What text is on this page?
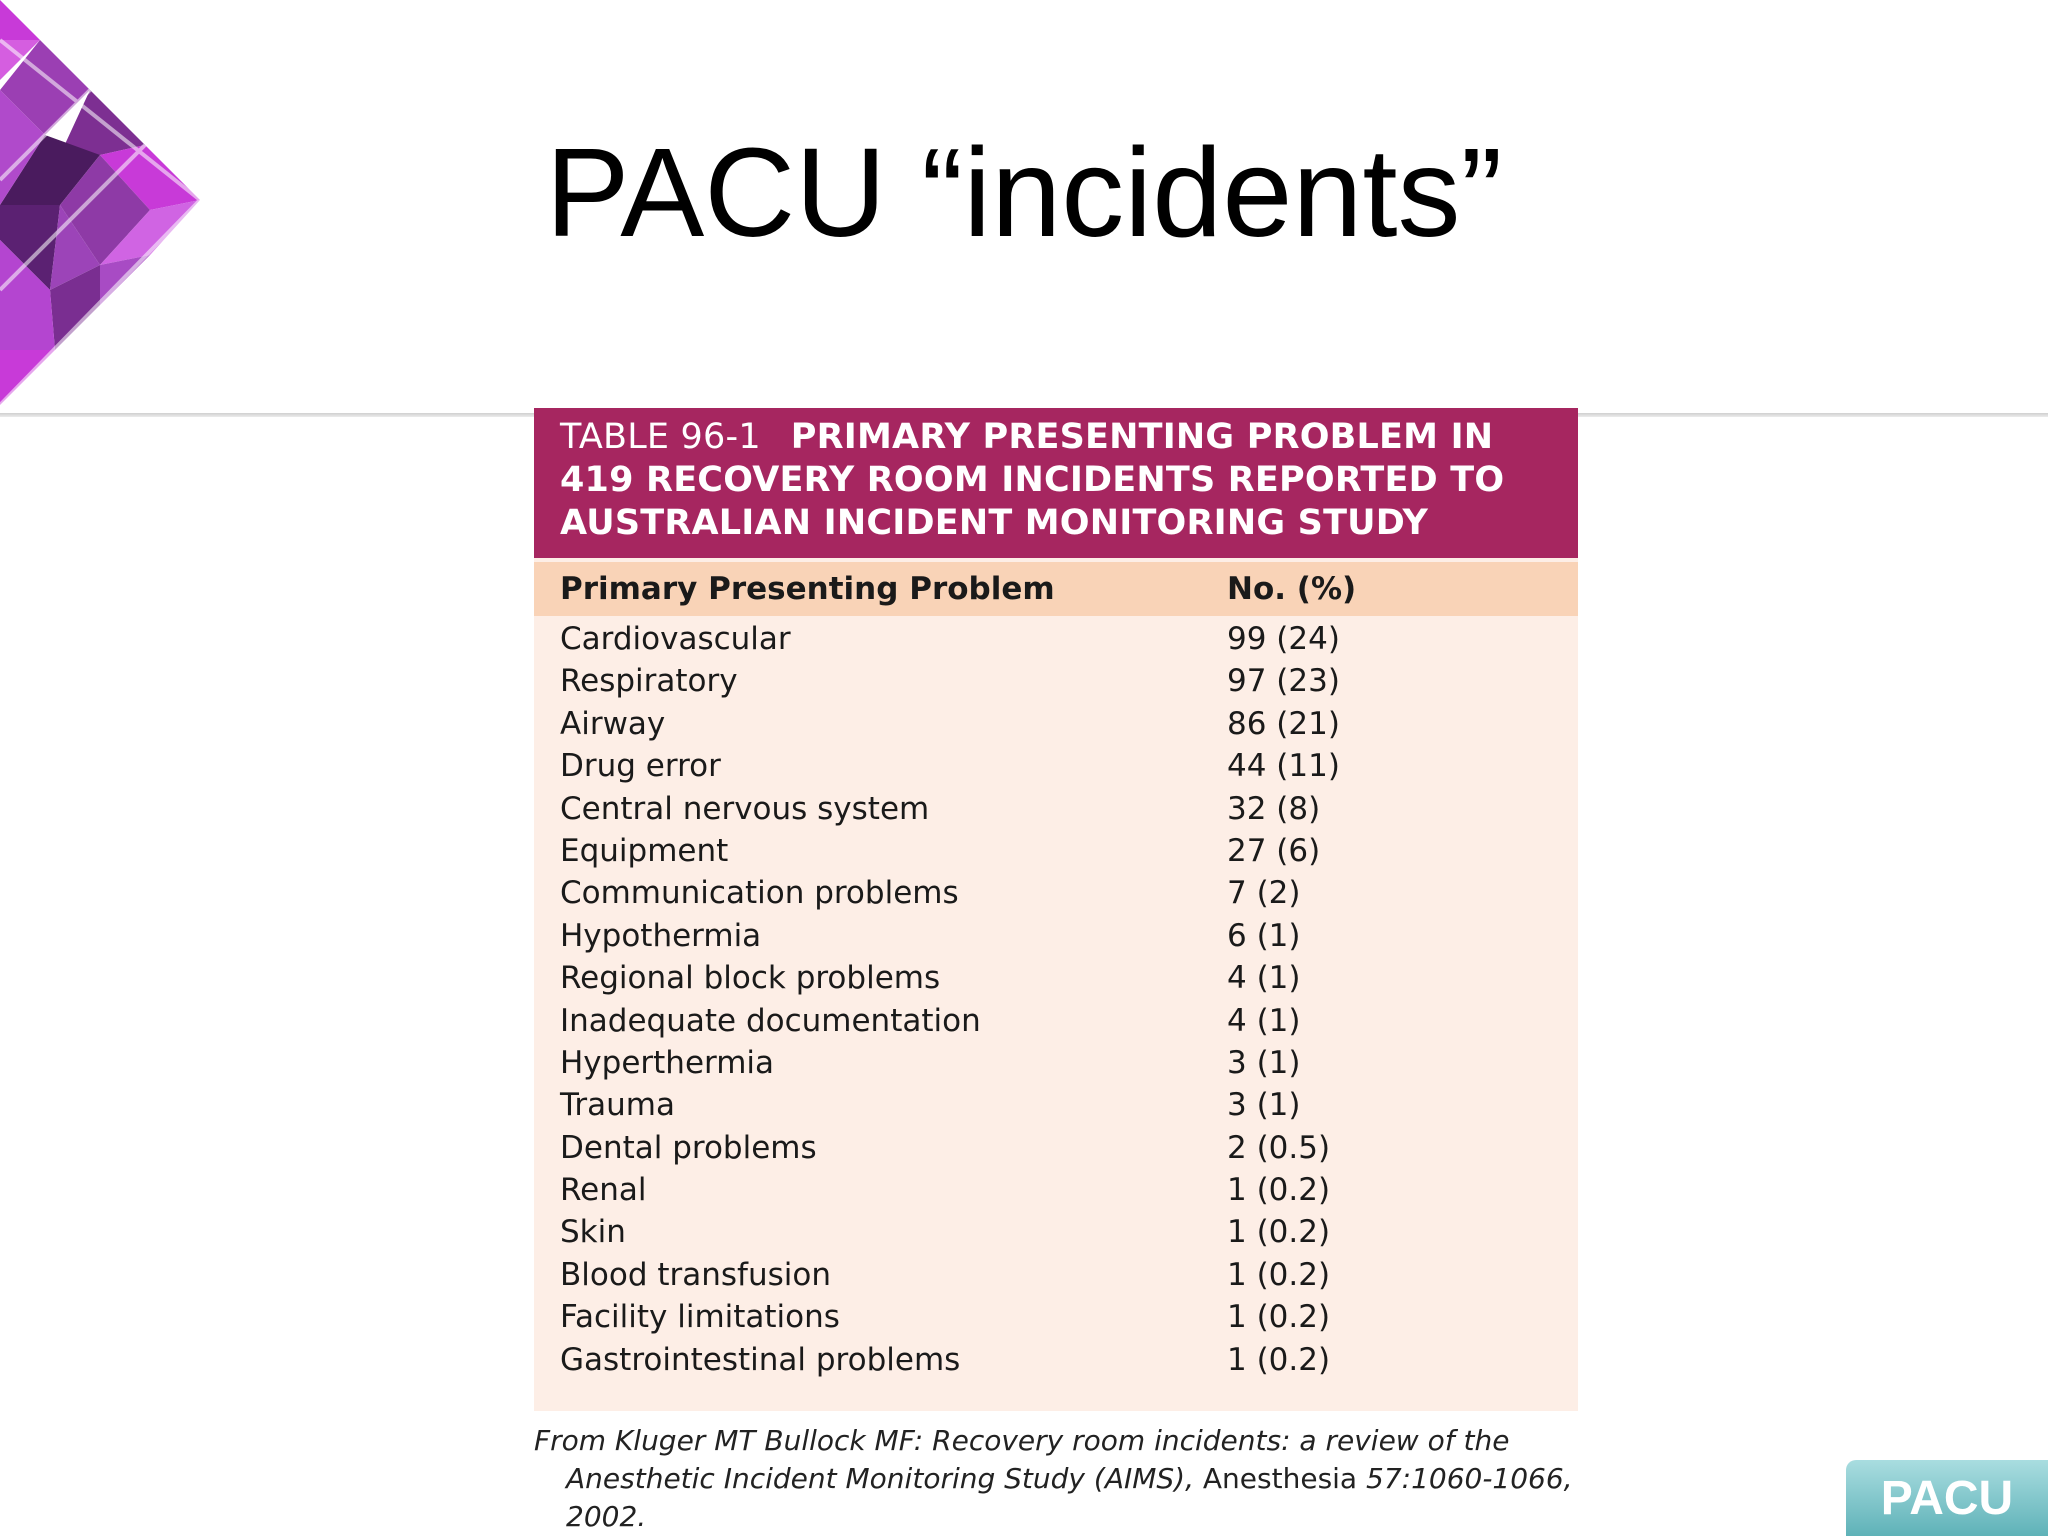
PACU “incidents”
TABLE 96-1 PRIMARY PRESENTING PROBLEM IN
419 RECOVERY ROOM INCIDENTS REPORTED TO
AUSTRALIAN INCIDENT MONITORING STUDY
Primary Presenting Problem	No. (%)
Cardiovascular	99 (24)
Respiratory	97 (23)
Airway	86 (21)
Drug error	44 (11)
Central nervous system	32 (8)
Equipment	27 (6)
Communication problems	7 (2)
Hypothermia	6 (1)
Regional block problems	4 (1)
Inadequate documentation	4 (1)
Hyperthermia	3 (1)
Trauma	3 (1)
Dental problems	2 (0.5)
Renal	1 (0.2)
Skin	1 (0.2)
Blood transfusion	1 (0.2)
Facility limitations	1 (0.2)
Gastrointestinal problems	1 (0.2)
From Kluger MT Bullock MF: Recovery room incidents: a review of the
Anesthetic Incident Monitoring Study (AIMS), Anesthesia 57:1060-1066,
2002.	PACU
